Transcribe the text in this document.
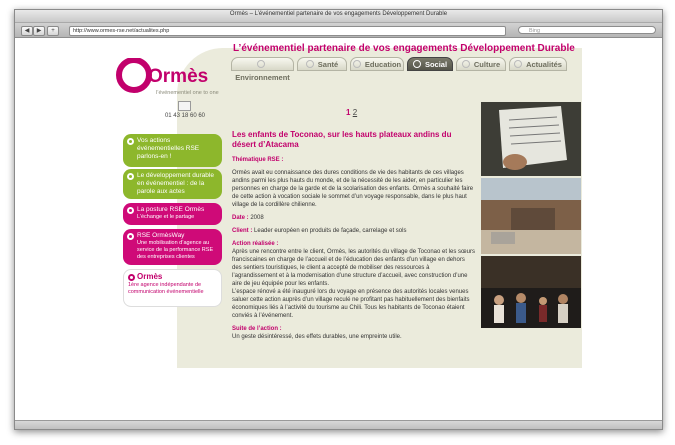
Ormès – L’événementiel partenaire de vos engagements Développement Durable
◀	▶	+	http://www.ormes-rse.net/actualites.php	Bing
L’événementiel partenaire de vos engagements Développement Durable
Environnement
Santé	Education	Social	Culture	Actualités
Ormès
l’événementiel one to one
01 43 18 60 60
Vos actions événementielles RSE parlons-en !
Le développement durable en événementiel : de la parole aux actes
La posture RSE Ormès
L’échange et le partage
RSE OrmèsWay
Une mobilisation d’agence au service de la performance RSE des entreprises clientes
Ormès
1ère agence indépendante de communication événementielle
1 2
Les enfants de Toconao, sur les hauts plateaux andins du désert d’Atacama

Thématique RSE :

Ormès avait eu connaissance des dures conditions de vie des habitants de ces villages andins parmi les plus hauts du monde, et de la nécessité de les aider, en particulier les personnes en charge de la garde et de la scolarisation des enfants. Ormès a souhaité faire de cette action à vocation sociale le sommet d’un voyage responsable, dans le plus haut village de la cordillère chilienne.

Date : 2008

Client : Leader européen en produits de façade, carrelage et sols

Action réalisée :

Après une rencontre entre le client, Ormès, les autorités du village de Toconao et les sœurs franciscaines en charge de l’accueil et de l’éducation des enfants d’un village en dehors des sentiers touristiques, le client a accepté de mobiliser des ressources à l’agrandissement et à la modernisation d’une structure d’accueil, avec construction d’une aire de jeu équipée pour les enfants.

L’espace rénové a été inauguré lors du voyage en présence des autorités locales venues saluer cette action auprès d’un village reculé ne profitant pas habituellement des bienfaits économiques liés à l’activité du tourisme au Chili. Tous les habitants de Toconao étaient conviés à l’événement.

Suite de l’action :

Un geste désintéressé, des effets durables, une empreinte utile.
